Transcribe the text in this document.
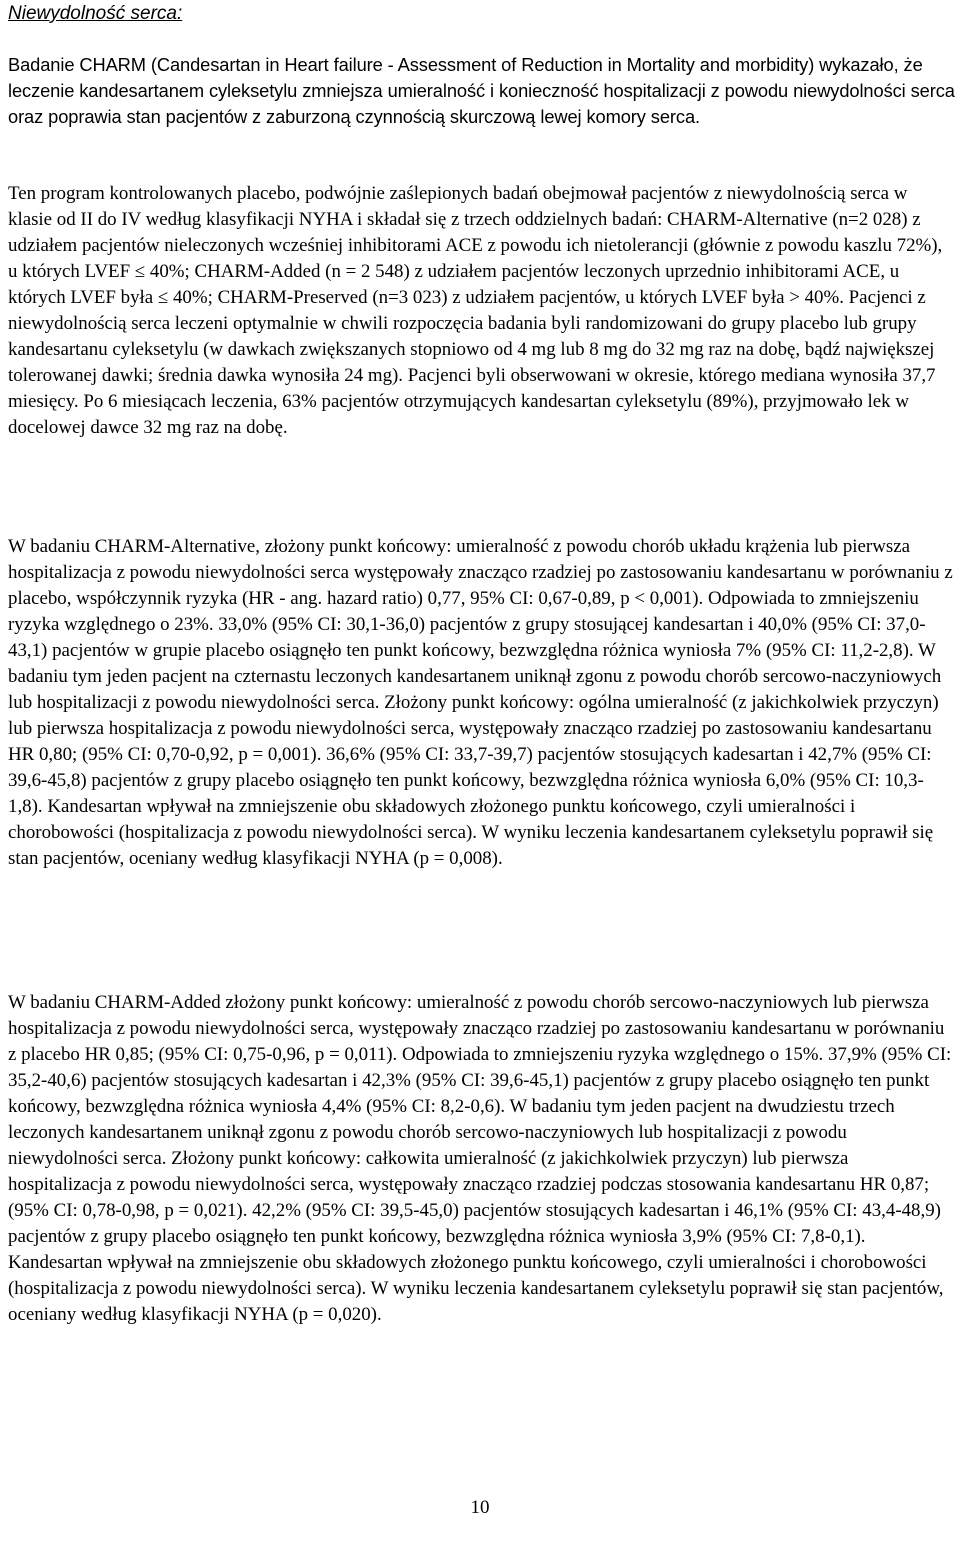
Niewydolność serca:

Badanie CHARM (Candesartan in Heart failure - Assessment of Reduction in Mortality and morbidity) wykazało, że leczenie kandesartanem cyleksetylu zmniejsza umieralność i konieczność hospitalizacji z powodu niewydolności serca oraz poprawia stan pacjentów z zaburzoną czynnością skurczową lewej komory serca.

Ten program kontrolowanych placebo, podwójnie zaślepionych badań obejmował pacjentów z niewydolnością serca w klasie od II do IV według klasyfikacji NYHA i składał się z trzech oddzielnych badań: CHARM-Alternative (n=2 028) z udziałem pacjentów nieleczonych wcześniej inhibitorami ACE z powodu ich nietolerancji (głównie z powodu kaszlu 72%), u których LVEF ≤ 40%; CHARM-Added (n = 2 548) z udziałem pacjentów leczonych uprzednio inhibitorami ACE, u których LVEF była ≤ 40%; CHARM-Preserved (n=3 023) z udziałem pacjentów, u których LVEF była > 40%. Pacjenci z niewydolnością serca leczeni optymalnie w chwili rozpoczęcia badania byli randomizowani do grupy placebo lub grupy kandesartanu cyleksetylu (w dawkach zwiększanych stopniowo od 4 mg lub 8 mg do 32 mg raz na dobę, bądź największej tolerowanej dawki; średnia dawka wynosiła 24 mg). Pacjenci byli obserwowani w okresie, którego mediana wynosiła 37,7 miesięcy. Po 6 miesiącach leczenia, 63% pacjentów otrzymujących kandesartan cyleksetylu (89%), przyjmowało lek w docelowej dawce 32 mg raz na dobę.

W badaniu CHARM-Alternative, złożony punkt końcowy: umieralność z powodu chorób układu krążenia lub pierwsza hospitalizacja z powodu niewydolności serca występowały znacząco rzadziej po zastosowaniu kandesartanu w porównaniu z placebo, współczynnik ryzyka (HR - ang. hazard ratio) 0,77, 95% CI: 0,67-0,89, p < 0,001). Odpowiada to zmniejszeniu ryzyka względnego o 23%. 33,0% (95% CI: 30,1-36,0) pacjentów z grupy stosującej kandesartan i 40,0% (95% CI: 37,0-43,1) pacjentów w grupie placebo osiągnęło ten punkt końcowy, bezwzględna różnica wyniosła 7% (95% CI: 11,2-2,8). W badaniu tym jeden pacjent na czternastu leczonych kandesartanem uniknął zgonu z powodu chorób sercowo-naczyniowych lub hospitalizacji z powodu niewydolności serca. Złożony punkt końcowy: ogólna umieralność (z jakichkolwiek przyczyn) lub pierwsza hospitalizacja z powodu niewydolności serca, występowały znacząco rzadziej po zastosowaniu kandesartanu HR 0,80; (95% CI: 0,70-0,92, p = 0,001). 36,6% (95% CI: 33,7-39,7) pacjentów stosujących kadesartan i 42,7% (95% CI: 39,6-45,8) pacjentów z grupy placebo osiągnęło ten punkt końcowy, bezwzględna różnica wyniosła 6,0% (95% CI: 10,3-1,8). Kandesartan wpływał na zmniejszenie obu składowych złożonego punktu końcowego, czyli umieralności i chorobowości (hospitalizacja z powodu niewydolności serca). W wyniku leczenia kandesartanem cyleksetylu poprawił się stan pacjentów, oceniany według klasyfikacji NYHA (p = 0,008).

W badaniu CHARM-Added złożony punkt końcowy: umieralność z powodu chorób sercowo-naczyniowych lub pierwsza hospitalizacja z powodu niewydolności serca, występowały znacząco rzadziej po zastosowaniu kandesartanu w porównaniu z placebo HR 0,85; (95% CI: 0,75-0,96, p = 0,011). Odpowiada to zmniejszeniu ryzyka względnego o 15%. 37,9% (95% CI: 35,2-40,6) pacjentów stosujących kadesartan i 42,3% (95% CI: 39,6-45,1) pacjentów z grupy placebo osiągnęło ten punkt końcowy, bezwzględna różnica wyniosła 4,4% (95% CI: 8,2-0,6). W badaniu tym jeden pacjent na dwudziestu trzech leczonych kandesartanem uniknął zgonu z powodu chorób sercowo-naczyniowych lub hospitalizacji z powodu niewydolności serca. Złożony punkt końcowy: całkowita umieralność (z jakichkolwiek przyczyn) lub pierwsza hospitalizacja z powodu niewydolności serca, występowały znacząco rzadziej podczas stosowania kandesartanu HR 0,87; (95% CI: 0,78-0,98, p = 0,021). 42,2% (95% CI: 39,5-45,0) pacjentów stosujących kadesartan i 46,1% (95% CI: 43,4-48,9) pacjentów z grupy placebo osiągnęło ten punkt końcowy, bezwzględna różnica wyniosła 3,9% (95% CI: 7,8-0,1). Kandesartan wpływał na zmniejszenie obu składowych złożonego punktu końcowego, czyli umieralności i chorobowości (hospitalizacja z powodu niewydolności serca). W wyniku leczenia kandesartanem cyleksetylu poprawił się stan pacjentów, oceniany według klasyfikacji NYHA (p = 0,020).

10
